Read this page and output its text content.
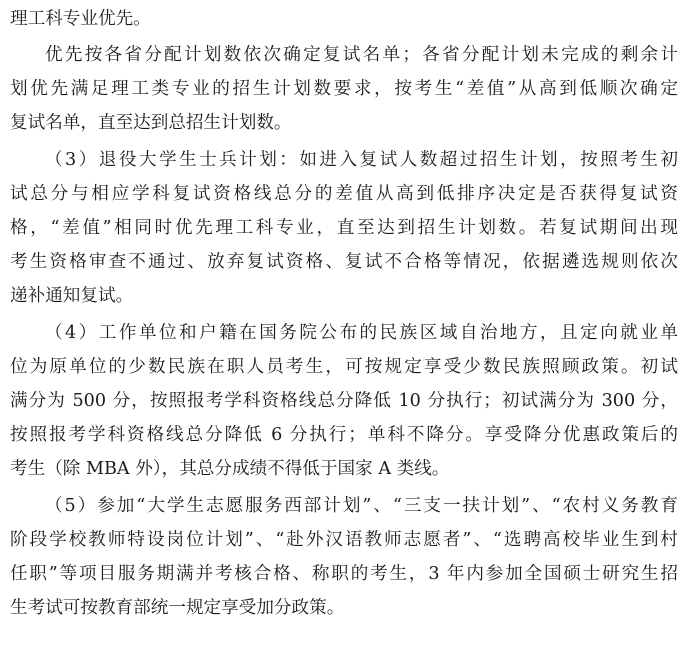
理工科专业优先。
优先按各省分配计划数依次确定复试名单；各省分配计划未完成的剩余计
划优先满足理工类专业的招生计划数要求，按考生“差值”从高到低顺次确定
复试名单，直至达到总招生计划数。
（3）退役大学生士兵计划：如进入复试人数超过招生计划，按照考生初
试总分与相应学科复试资格线总分的差值从高到低排序决定是否获得复试资
格，“差值”相同时优先理工科专业，直至达到招生计划数。若复试期间出现
考生资格审查不通过、放弃复试资格、复试不合格等情况，依据遴选规则依次
递补通知复试。
（4）工作单位和户籍在国务院公布的民族区域自治地方，且定向就业单
位为原单位的少数民族在职人员考生，可按规定享受少数民族照顾政策。初试
满分为 500 分，按照报考学科资格线总分降低 10 分执行；初试满分为 300 分，
按照报考学科资格线总分降低 6 分执行；单科不降分。享受降分优惠政策后的
考生（除 MBA 外），其总分成绩不得低于国家 A 类线。
（5）参加“大学生志愿服务西部计划”、“三支一扶计划”、“农村义务教育
阶段学校教师特设岗位计划”、“赴外汉语教师志愿者”、“选聘高校毕业生到村
任职”等项目服务期满并考核合格、称职的考生，3 年内参加全国硕士研究生招
生考试可按教育部统一规定享受加分政策。
